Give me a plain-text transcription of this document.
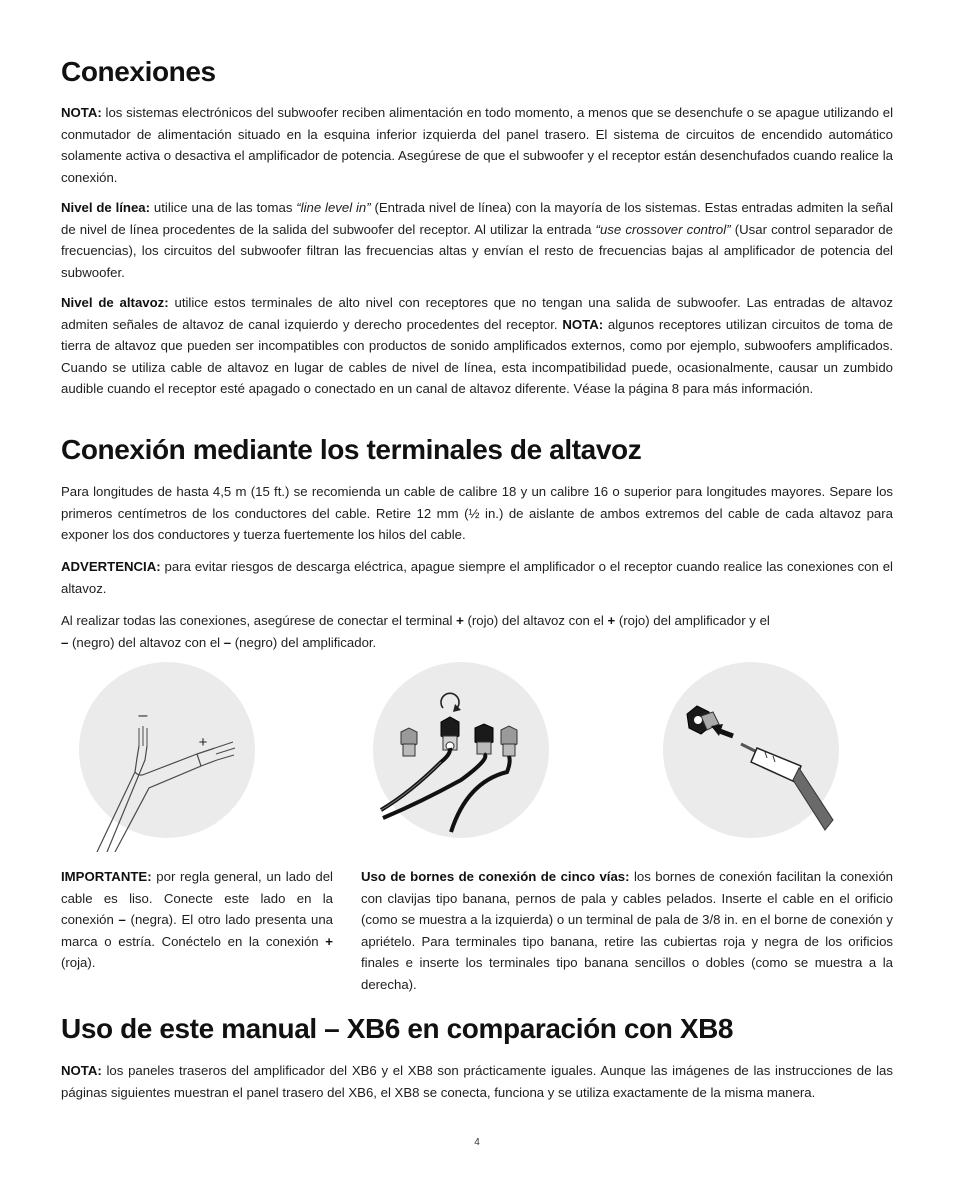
Conexiones

NOTA: los sistemas electrónicos del subwoofer reciben alimentación en todo momento, a menos que se desenchufe o se apague utilizando el conmutador de alimentación situado en la esquina inferior izquierda del panel trasero. El sistema de circuitos de encendido automático solamente activa o desactiva el amplificador de potencia. Asegúrese de que el subwoofer y el receptor están desenchufados cuando realice la conexión.

Nivel de línea: utilice una de las tomas “line level in” (Entrada nivel de línea) con la mayoría de los sistemas. Estas entradas admiten la señal de nivel de línea procedentes de la salida del subwoofer del receptor. Al utilizar la entrada “use crossover control” (Usar control separador de frecuencias), los circuitos del subwoofer filtran las frecuencias altas y envían el resto de frecuencias bajas al amplificador de potencia del subwoofer.

Nivel de altavoz: utilice estos terminales de alto nivel con receptores que no tengan una salida de subwoofer. Las entradas de altavoz admiten señales de altavoz de canal izquierdo y derecho procedentes del receptor. NOTA: algunos receptores utilizan circuitos de toma de tierra de altavoz que pueden ser incompatibles con productos de sonido amplificados externos, como por ejemplo, subwoofers amplificados. Cuando se utiliza cable de altavoz en lugar de cables de nivel de línea, esta incompatibilidad puede, ocasionalmente, causar un zumbido audible cuando el receptor esté apagado o conectado en un canal de altavoz diferente. Véase la página 8 para más información.

Conexión mediante los terminales de altavoz

Para longitudes de hasta 4,5 m (15 ft.) se recomienda un cable de calibre 18 y un calibre 16 o superior para longitudes mayores. Separe los primeros centímetros de los conductores del cable. Retire 12 mm (½ in.) de aislante de ambos extremos del cable de cada altavoz para exponer los dos conductores y tuerza fuertemente los hilos del cable.

ADVERTENCIA: para evitar riesgos de descarga eléctrica, apague siempre el amplificador o el receptor cuando realice las conexiones con el altavoz.

Al realizar todas las conexiones, asegúrese de conectar el terminal + (rojo) del altavoz con el + (rojo) del amplificador y el
– (negro) del altavoz con el – (negro) del amplificador.

–
+

IMPORTANTE: por regla general, un lado del cable es liso. Conecte este lado en la conexión – (negra). El otro lado presenta una marca o estría. Conéctelo en la conexión + (roja).

Uso de bornes de conexión de cinco vías: los bornes de conexión facilitan la conexión con clavijas tipo banana, pernos de pala y cables pelados. Inserte el cable en el orificio (como se muestra a la izquierda) o un terminal de pala de 3/8 in. en el borne de conexión y apriételo. Para terminales tipo banana, retire las cubiertas roja y negra de los orificios finales e inserte los terminales tipo banana sencillos o dobles (como se muestra a la derecha).

Uso de este manual – XB6 en comparación con XB8

NOTA: los paneles traseros del amplificador del XB6 y el XB8 son prácticamente iguales. Aunque las imágenes de las instrucciones de las páginas siguientes muestran el panel trasero del XB6, el XB8 se conecta, funciona y se utiliza exactamente de la misma manera.

4
